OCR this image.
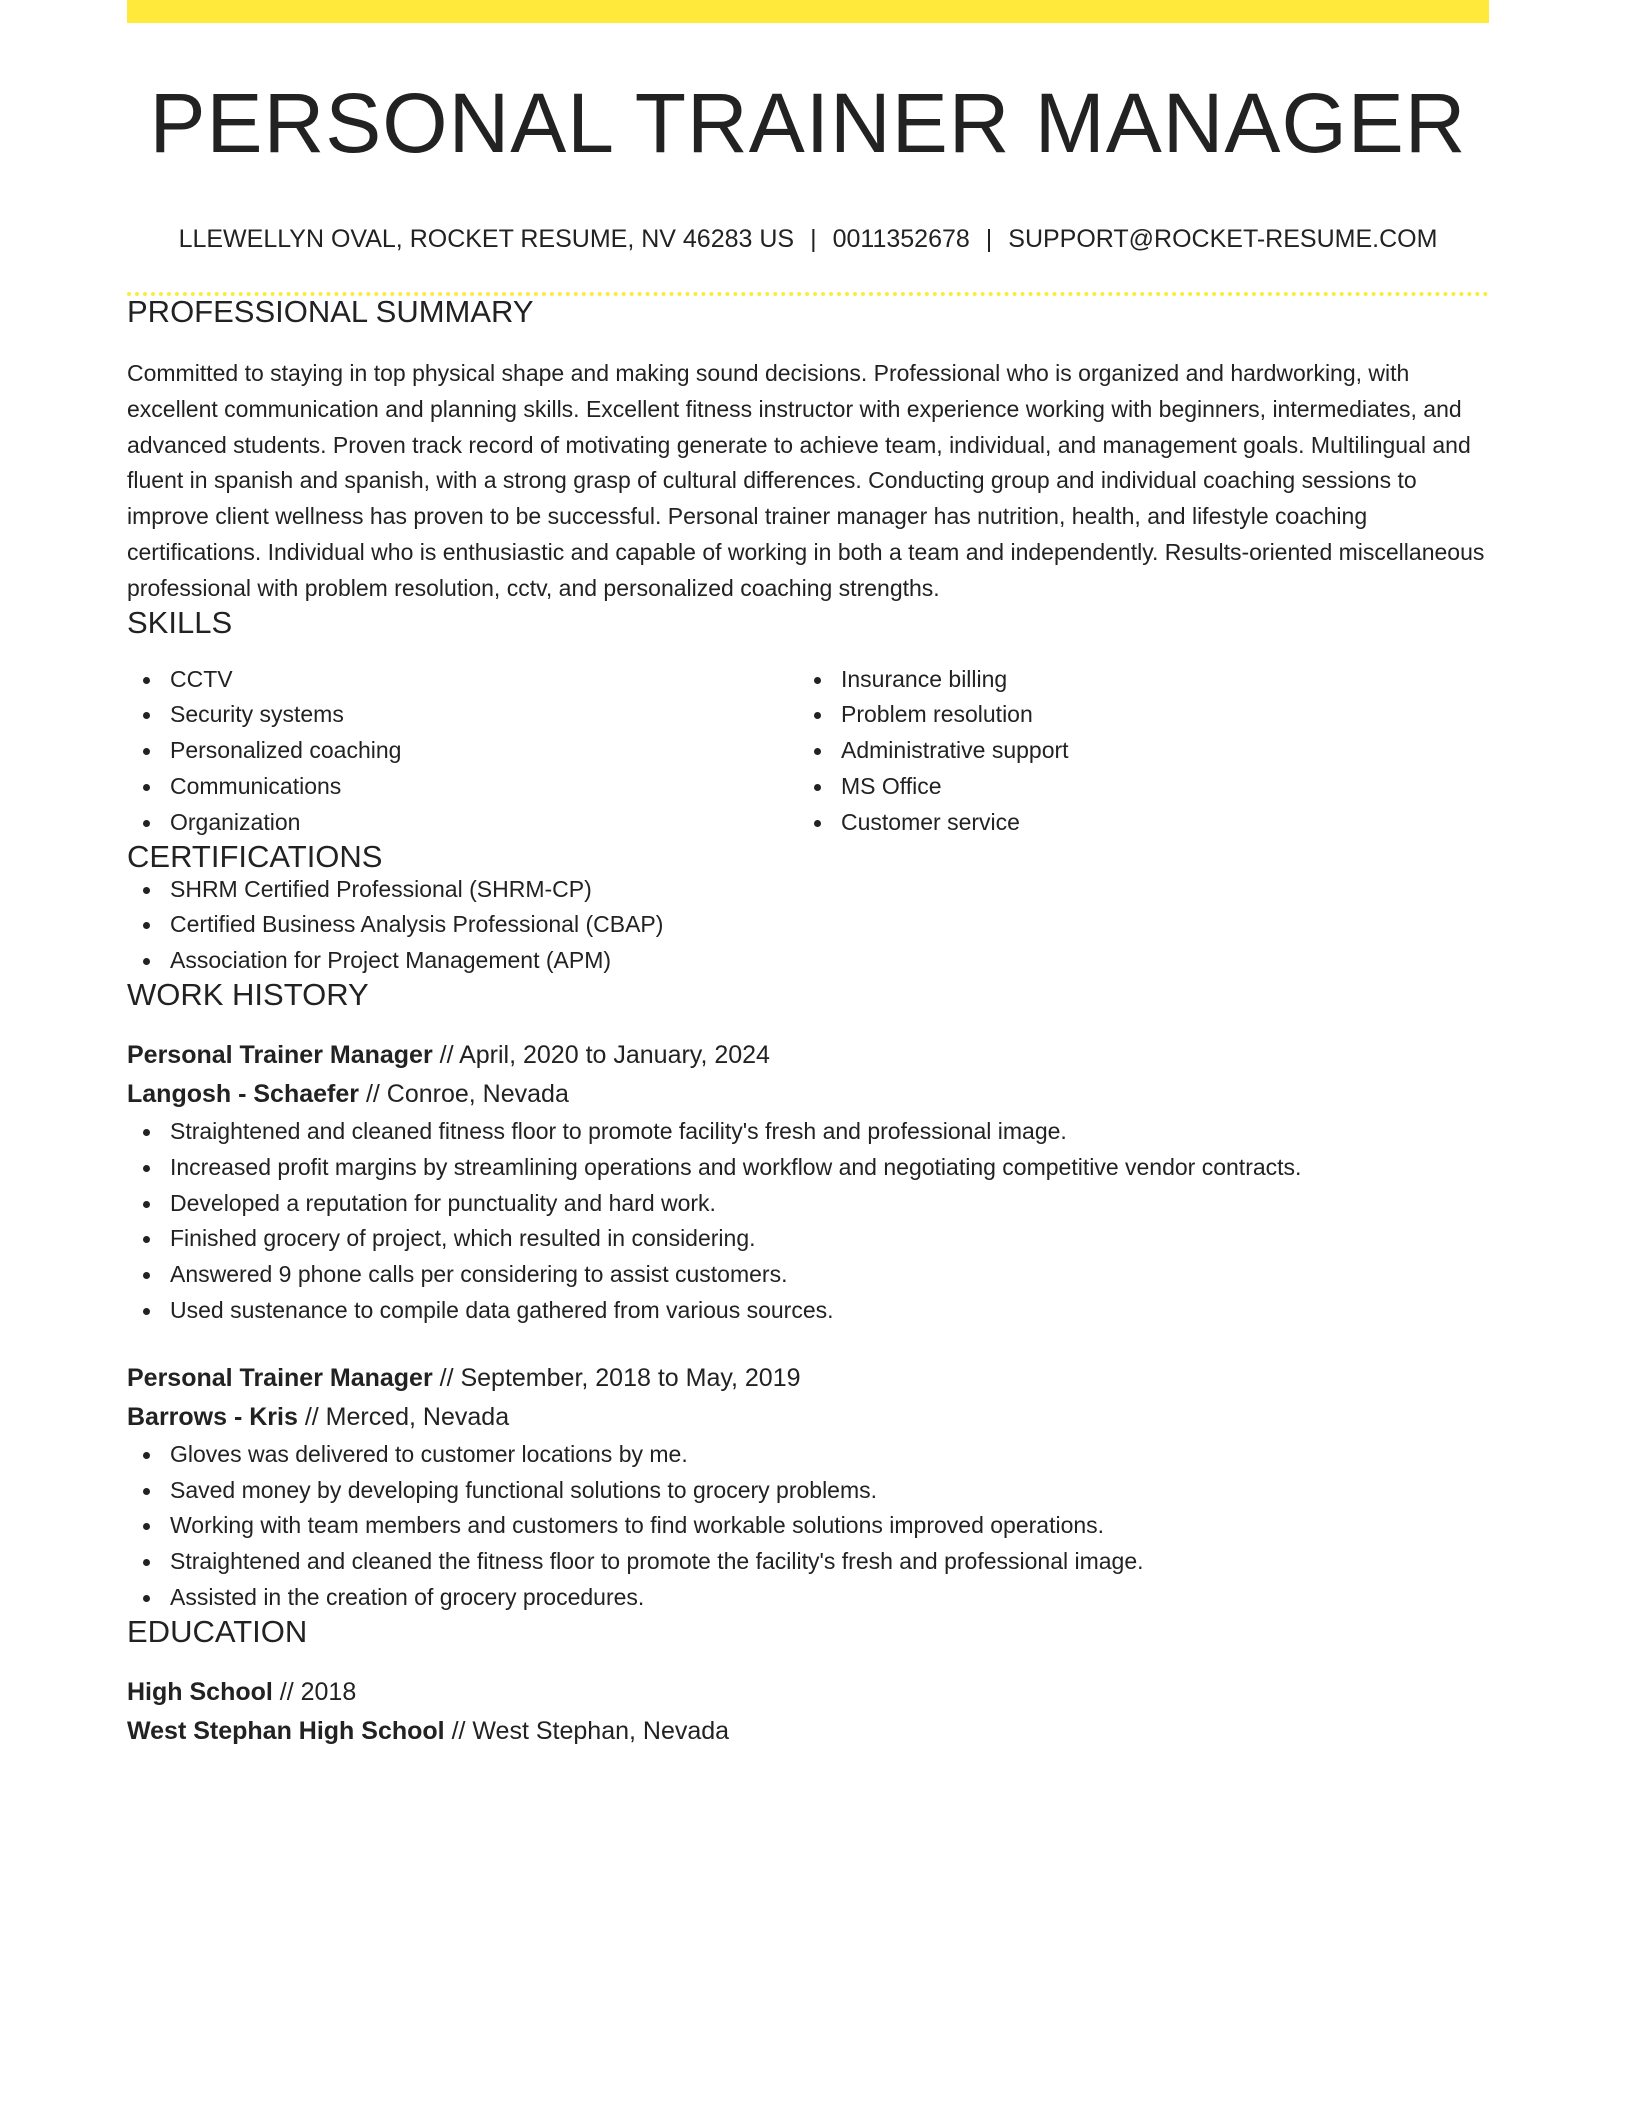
PERSONAL TRAINER MANAGER
LLEWELLYN OVAL, ROCKET RESUME, NV 46283 US | 0011352678 | SUPPORT@ROCKET-RESUME.COM
PROFESSIONAL SUMMARY
Committed to staying in top physical shape and making sound decisions. Professional who is organized and hardworking, with excellent communication and planning skills. Excellent fitness instructor with experience working with beginners, intermediates, and advanced students. Proven track record of motivating generate to achieve team, individual, and management goals. Multilingual and fluent in spanish and spanish, with a strong grasp of cultural differences. Conducting group and individual coaching sessions to improve client wellness has proven to be successful. Personal trainer manager has nutrition, health, and lifestyle coaching certifications. Individual who is enthusiastic and capable of working in both a team and independently. Results-oriented miscellaneous professional with problem resolution, cctv, and personalized coaching strengths.
SKILLS
CCTV
Security systems
Personalized coaching
Communications
Organization
Insurance billing
Problem resolution
Administrative support
MS Office
Customer service
CERTIFICATIONS
SHRM Certified Professional (SHRM-CP)
Certified Business Analysis Professional (CBAP)
Association for Project Management (APM)
WORK HISTORY
Personal Trainer Manager // April, 2020 to January, 2024
Langosh - Schaefer // Conroe, Nevada
Straightened and cleaned fitness floor to promote facility's fresh and professional image.
Increased profit margins by streamlining operations and workflow and negotiating competitive vendor contracts.
Developed a reputation for punctuality and hard work.
Finished grocery of project, which resulted in considering.
Answered 9 phone calls per considering to assist customers.
Used sustenance to compile data gathered from various sources.
Personal Trainer Manager // September, 2018 to May, 2019
Barrows - Kris // Merced, Nevada
Gloves was delivered to customer locations by me.
Saved money by developing functional solutions to grocery problems.
Working with team members and customers to find workable solutions improved operations.
Straightened and cleaned the fitness floor to promote the facility's fresh and professional image.
Assisted in the creation of grocery procedures.
EDUCATION
High School // 2018
West Stephan High School // West Stephan, Nevada
